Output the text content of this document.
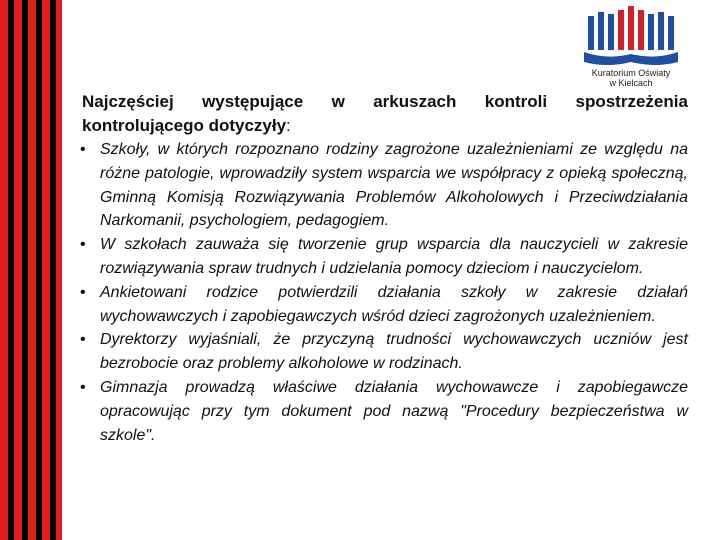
Kuratorium Oświaty
w Kielcach
Najczęściej występujące w arkuszach kontroli spostrzeżenia
kontrolującego dotyczyły:
• Szkoły, w których rozpoznano rodziny zagrożone uzależnieniami ze względu na różne patologie, wprowadziły system wsparcia we współpracy z opieką społeczną, Gminną Komisją Rozwiązywania Problemów Alkoholowych i Przeciwdziałania Narkomanii, psychologiem, pedagogiem.
• W szkołach zauważa się tworzenie grup wsparcia dla nauczycieli w zakresie rozwiązywania spraw trudnych i udzielania pomocy dzieciom i nauczycielom.
• Ankietowani rodzice potwierdzili działania szkoły w zakresie działań wychowawczych i zapobiegawczych wśród dzieci zagrożonych uzależnieniem.
• Dyrektorzy wyjaśniali, że przyczyną trudności wychowawczych uczniów jest bezrobocie oraz problemy alkoholowe w rodzinach.
• Gimnazja prowadzą właściwe działania wychowawcze i zapobiegawcze opracowując przy tym dokument pod nazwą "Procedury bezpieczeństwa w szkole".
